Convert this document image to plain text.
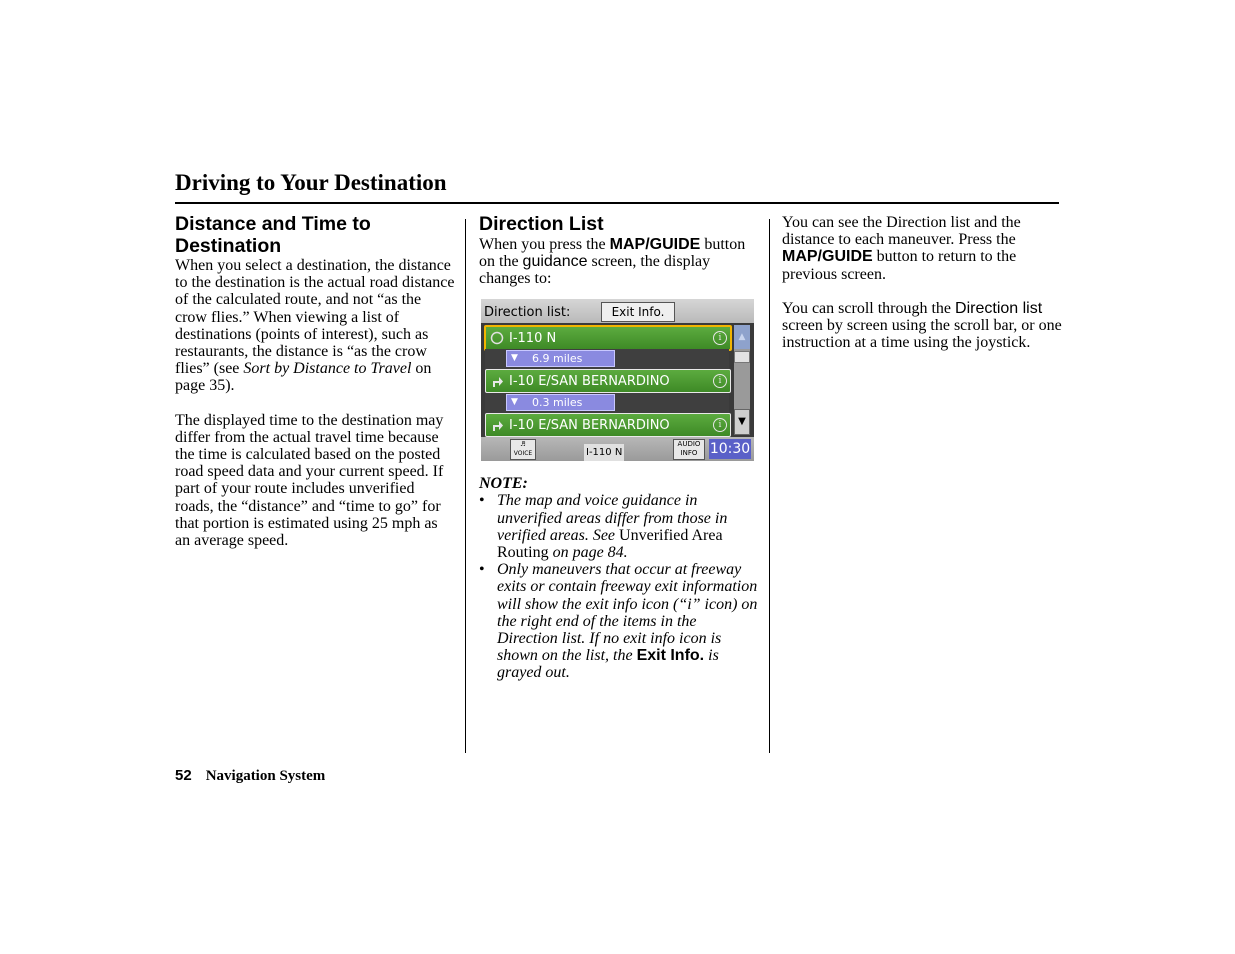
Driving to Your Destination
Distance and Time to Destination

When you select a destination, the distance to the destination is the actual road distance of the calculated route, and not “as the crow flies.” When viewing a list of destinations (points of interest), such as restaurants, the distance is “as the crow flies” (see Sort by Distance to Travel on page 35).

The displayed time to the destination may differ from the actual travel time because the time is calculated based on the posted road speed data and your current speed. If part of your route includes unverified roads, the “distance” and “time to go” for that portion is estimated using 25 mph as an average speed.

Direction List

When you press the MAP/GUIDE button on the guidance screen, the display changes to:

Direction list:	Exit Info.
I-110 N	i
▼ 6.9 miles
I-10 E/SAN BERNARDINO	i
▼ 0.3 miles
I-10 E/SAN BERNARDINO	i
▲
▼
♬
VOICE	I-110 N
AUDIO
INFO 10:30
NOTE:
• The map and voice guidance in unverified areas differ from those in verified areas. See Unverified Area Routing on page 84.
• Only maneuvers that occur at freeway exits or contain freeway exit information will show the exit info icon (“i” icon) on the right end of the items in the Direction list. If no exit info icon is shown on the list, the Exit Info. is grayed out.

You can see the Direction list and the distance to each maneuver. Press the MAP/GUIDE button to return to the previous screen.

You can scroll through the Direction list screen by screen using the scroll bar, or one instruction at a time using the joystick.

52 Navigation System
